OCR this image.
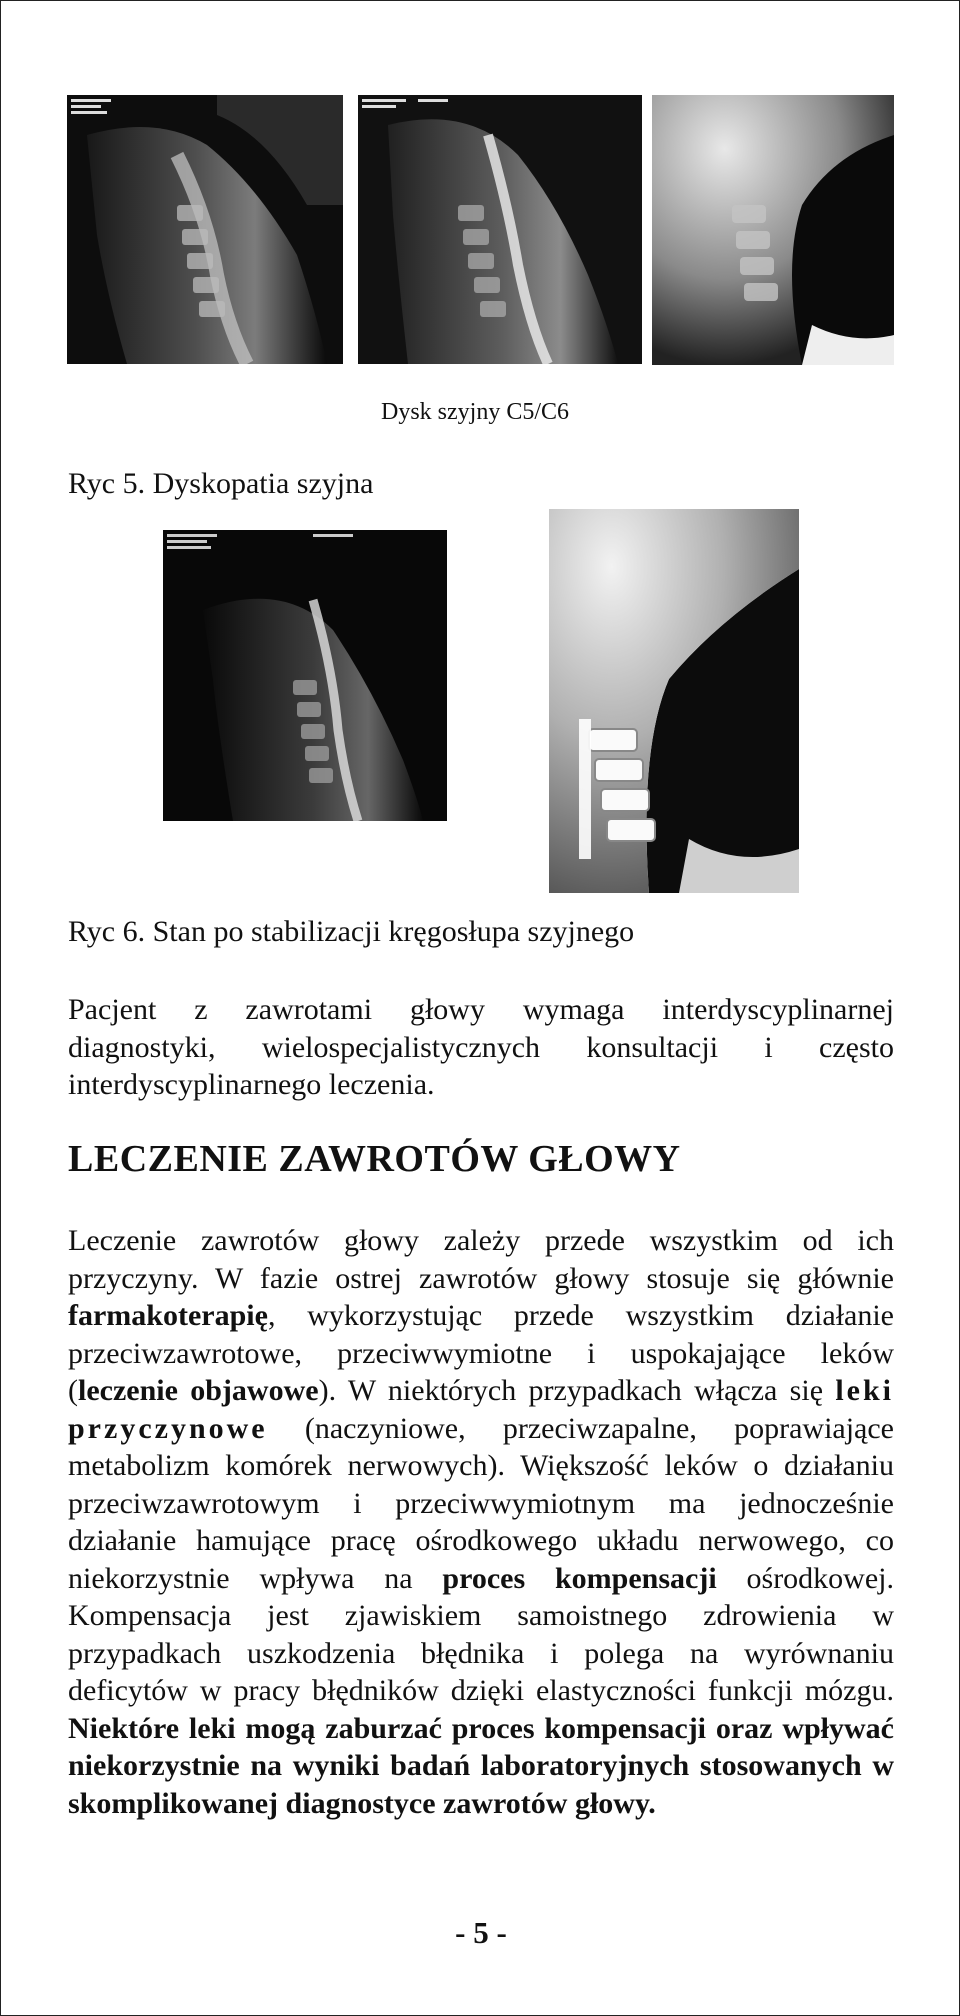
Dysk szyjny C5/C6
Ryc 5. Dyskopatia szyjna
Ryc 6. Stan po stabilizacji kręgosłupa szyjnego

Pacjent z zawrotami głowy wymaga interdyscyplinarnej diagnostyki, wielospecjalistycznych konsultacji i często interdyscyplinarnego leczenia.

LECZENIE ZAWROTÓW GŁOWY

Leczenie zawrotów głowy zależy przede wszystkim od ich przyczyny. W fazie ostrej zawrotów głowy stosuje się głównie farmakoterapię, wykorzystując przede wszystkim działanie przeciwzawrotowe, przeciwwymiotne i uspokajające leków (leczenie objawowe). W niektórych przypadkach włącza się leki przyczynowe (naczyniowe, przeciwzapalne, poprawiające metabolizm komórek nerwowych). Większość leków o działaniu przeciwzawrotowym i przeciwwymiotnym ma jednocześnie działanie hamujące pracę ośrodkowego układu nerwowego, co niekorzystnie wpływa na proces kompensacji ośrodkowej. Kompensacja jest zjawiskiem samoistnego zdrowienia w przypadkach uszkodzenia błędnika i polega na wyrównaniu deficytów w pracy błędników dzięki elastyczności funkcji mózgu. Niektóre leki mogą zaburzać proces kompensacji oraz wpływać niekorzystnie na wyniki badań laboratoryjnych stosowanych w skomplikowanej diagnostyce zawrotów głowy.

- 5 -
